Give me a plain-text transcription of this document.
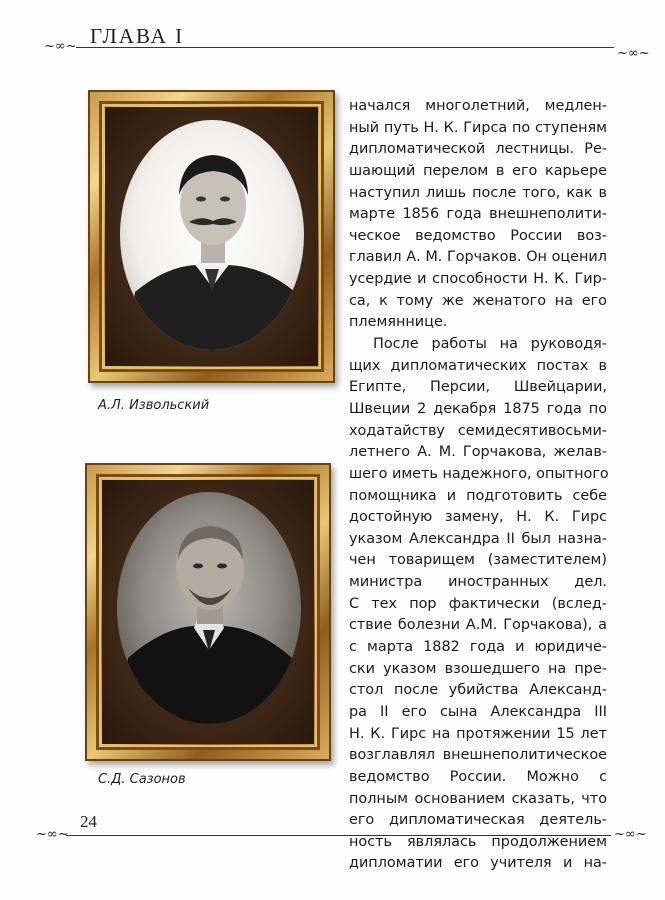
ГЛАВА I
~∞~	~∞~
А.Л. Извольский
С.Д. Сазонов
начался многолетний, медлен-
ный путь Н. К. Гирса по ступеням
дипломатической лестницы. Ре-
шающий перелом в его карьере
наступил лишь после того, как в
марте 1856 года внешнеполити-
ческое ведомство России воз-
главил А. М. Горчаков. Он оценил
усердие и способности Н. К. Гир-
са, к тому же женатого на его
племяннице.
После работы на руководя-
щих дипломатических постах в
Египте, Персии, Швейцарии,
Швеции 2 декабря 1875 года по
ходатайству семидесятивосьми-
летнего А. М. Горчакова, желав-
шего иметь надежного, опытного
помощника и подготовить себе
достойную замену, Н. К. Гирс
указом Александра II был назна-
чен товарищем (заместителем)
министра иностранных дел.
С тех пор фактически (вслед-
ствие болезни А.М. Горчакова), а
с марта 1882 года и юридиче-
ски указом взошедшего на пре-
стол после убийства Александ-
ра II его сына Александра III
Н. К. Гирс на протяжении 15 лет
возглавлял внешнеполитическое
ведомство России. Можно с
полным основанием сказать, что
его дипломатическая деятель-
ность являлась продолжением
дипломатии его учителя и на-
~∞~
24
~∞~
